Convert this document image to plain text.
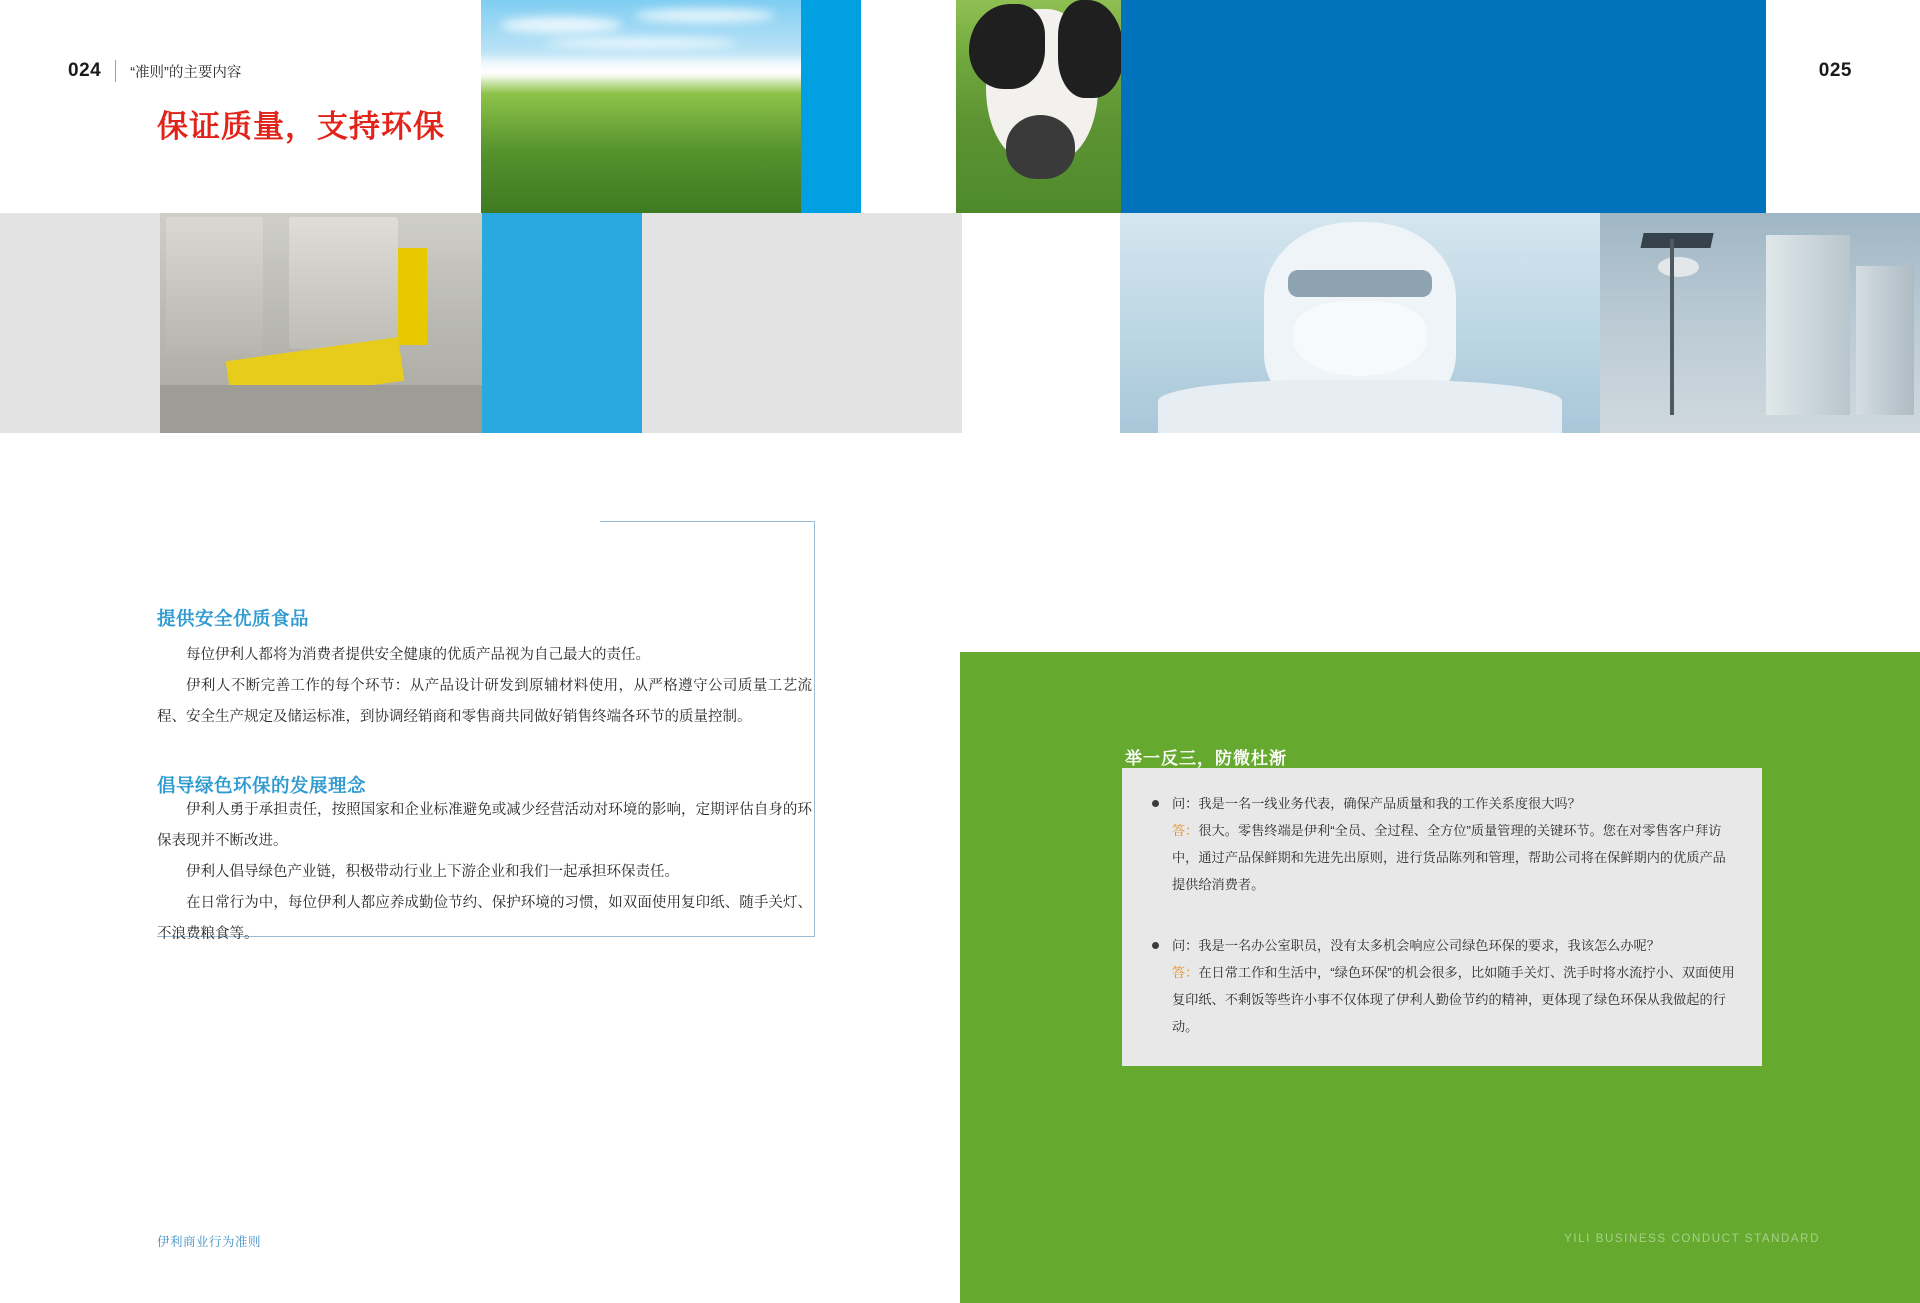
024 “准则”的主要内容	025
保证质量，支持环保
提供安全优质食品

每位伊利人都将为消费者提供安全健康的优质产品视为自己最大的责任。

伊利人不断完善工作的每个环节：从产品设计研发到原辅材料使用，从严格遵守公司质量工艺流程、安全生产规定及储运标准，到协调经销商和零售商共同做好销售终端各环节的质量控制。

倡导绿色环保的发展理念

伊利人勇于承担责任，按照国家和企业标准避免或减少经营活动对环境的影响，定期评估自身的环保表现并不断改进。

伊利人倡导绿色产业链，积极带动行业上下游企业和我们一起承担环保责任。

在日常行为中，每位伊利人都应养成勤俭节约、保护环境的习惯，如双面使用复印纸、随手关灯、不浪费粮食等。

伊利商业行为准则
举一反三，防微杜渐

问：我是一名一线业务代表，确保产品质量和我的工作关系度很大吗？

答：很大。零售终端是伊利“全员、全过程、全方位”质量管理的关键环节。您在对零售客户拜访中，通过产品保鲜期和先进先出原则，进行货品陈列和管理，帮助公司将在保鲜期内的优质产品提供给消费者。

问：我是一名办公室职员，没有太多机会响应公司绿色环保的要求，我该怎么办呢？

答：在日常工作和生活中，“绿色环保”的机会很多，比如随手关灯、洗手时将水流拧小、双面使用复印纸、不剩饭等些许小事不仅体现了伊利人勤俭节约的精神，更体现了绿色环保从我做起的行动。

YILI BUSINESS CONDUCT STANDARD
